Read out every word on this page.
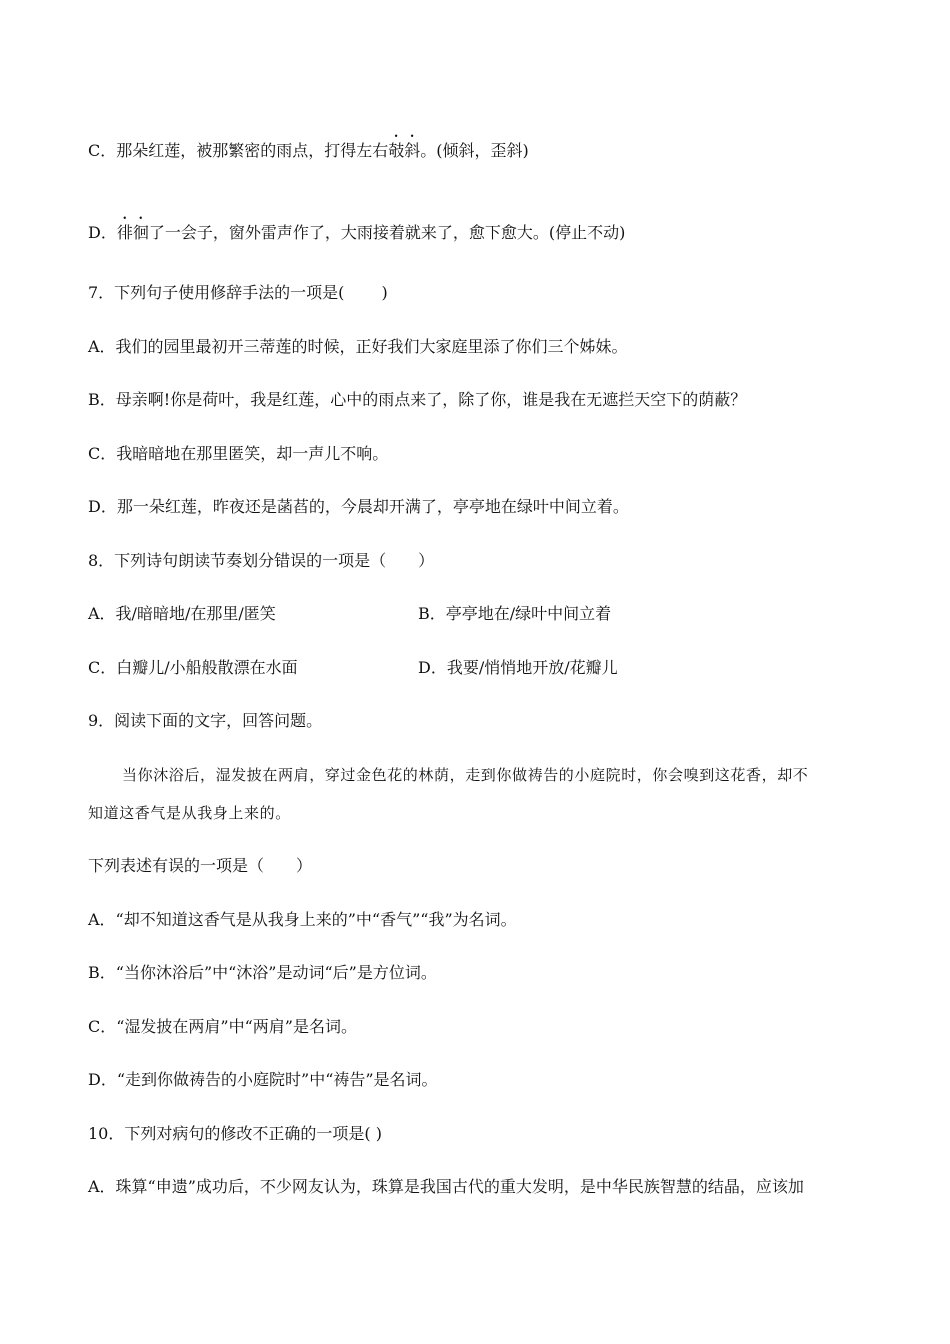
C．那朵红莲，被那繁密的雨点，打得左右攲斜。(倾斜，歪斜)
D．徘徊了一会子，窗外雷声作了，大雨接着就来了，愈下愈大。(停止不动)
7．下列句子使用修辞手法的一项是(　　 )
A．我们的园里最初开三蒂莲的时候，正好我们大家庭里添了你们三个姊妹。
B．母亲啊!你是荷叶，我是红莲，心中的雨点来了，除了你，谁是我在无遮拦天空下的荫蔽？
C．我暗暗地在那里匿笑，却一声儿不响。
D．那一朵红莲，昨夜还是菡萏的，今晨却开满了，亭亭地在绿叶中间立着。
8．下列诗句朗读节奏划分错误的一项是（　　）
A．我/暗暗地/在那里/匿笑	B．亭亭地在/绿叶中间立着
C．白瓣儿/小船般散漂在水面	D．我要/悄悄地开放/花瓣儿
9．阅读下面的文字，回答问题。
当你沐浴后，湿发披在两肩，穿过金色花的林荫，走到你做祷告的小庭院时，你会嗅到这花香，却不
知道这香气是从我身上来的。
下列表述有误的一项是（　　）
A．“却不知道这香气是从我身上来的”中“香气”“我”为名词。
B．“当你沐浴后”中“沐浴”是动词“后”是方位词。
C．“湿发披在两肩”中“两肩”是名词。
D．“走到你做祷告的小庭院时”中“祷告”是名词。
10．下列对病句的修改不正确的一项是( )
A．珠算“申遗”成功后，不少网友认为，珠算是我国古代的重大发明，是中华民族智慧的结晶，应该加
